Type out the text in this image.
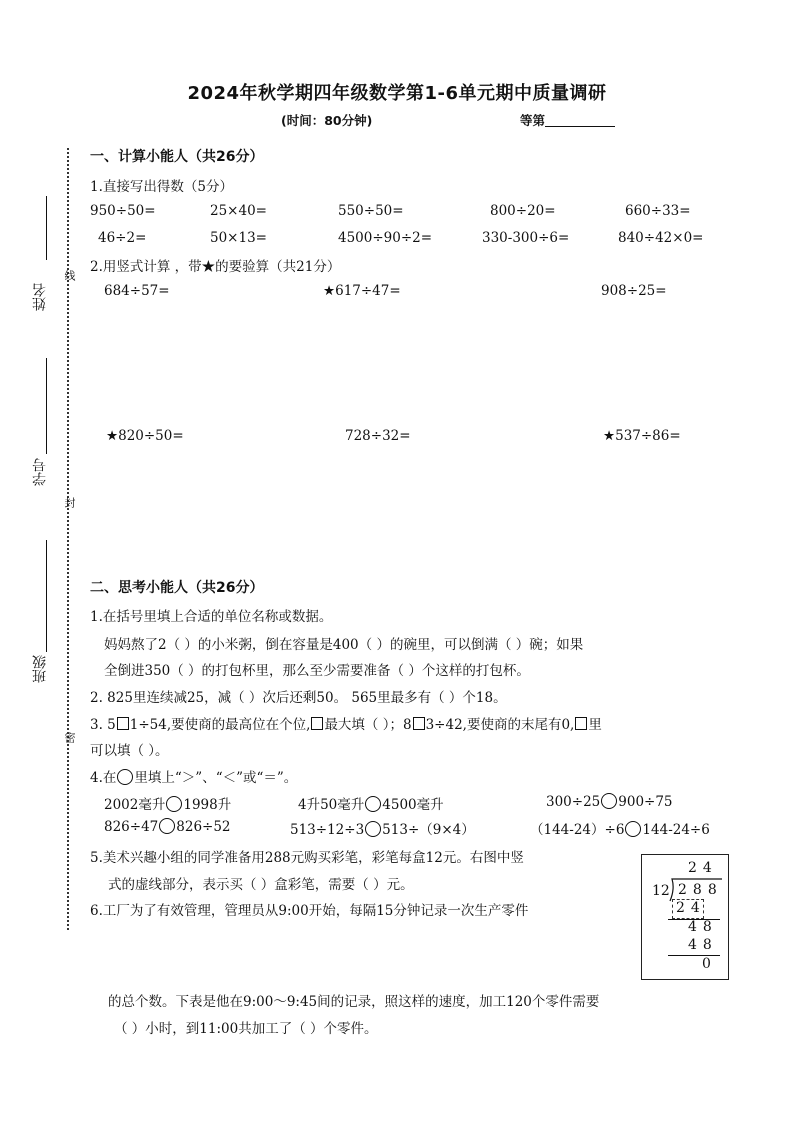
姓名
学号
班级
线
封
密
2024年秋学期四年级数学第1-6单元期中质量调研
(时间：80分钟)	等第
一、计算小能人（共26分）
1.直接写出得数（5分）
950÷50=	25×40=	550÷50=	800÷20=	660÷33=
46÷2=	50×13=	4500÷90÷2=	330-300÷6=	840÷42×0=
2.用竖式计算 ，带★的要验算（共21分）
684÷57=	★617÷47=	908÷25=
★820÷50=	728÷32=	★537÷86=
二、思考小能人（共26分）
1.在括号里填上合适的单位名称或数据。
妈妈熬了2（ ）的小米粥，倒在容量是400（ ）的碗里，可以倒满（ ）碗；如果
全倒进350（ ）的打包杯里，那么至少需要准备（ ）个这样的打包杯。
2. 825里连续减25，减（ ）次后还剩50。 565里最多有（ ）个18。
3. 5 1÷54,要使商的最高位在个位, 最大填（ ）；8 3÷42,要使商的末尾有0, 里
可以填（ ）。
4.在 里填上“＞”、“＜”或“＝”。
2002毫升 1998升	4升50毫升 4500毫升	300÷25 900÷75
826÷47 826÷52	513÷12÷3 513÷（9×4）	（144-24）÷6 144-24÷6
5.美术兴趣小组的同学准备用288元购买彩笔，彩笔每盒12元。右图中竖
式的虚线部分，表示买（ ）盒彩笔，需要（ ）元。
6.工厂为了有效管理，管理员从9:00开始，每隔15分钟记录一次生产零件
的总个数。下表是他在9:00～9:45间的记录，照这样的速度，加工120个零件需要
（ ）小时，到11:00共加工了（ ）个零件。
24
12 288
24
48
48
0
